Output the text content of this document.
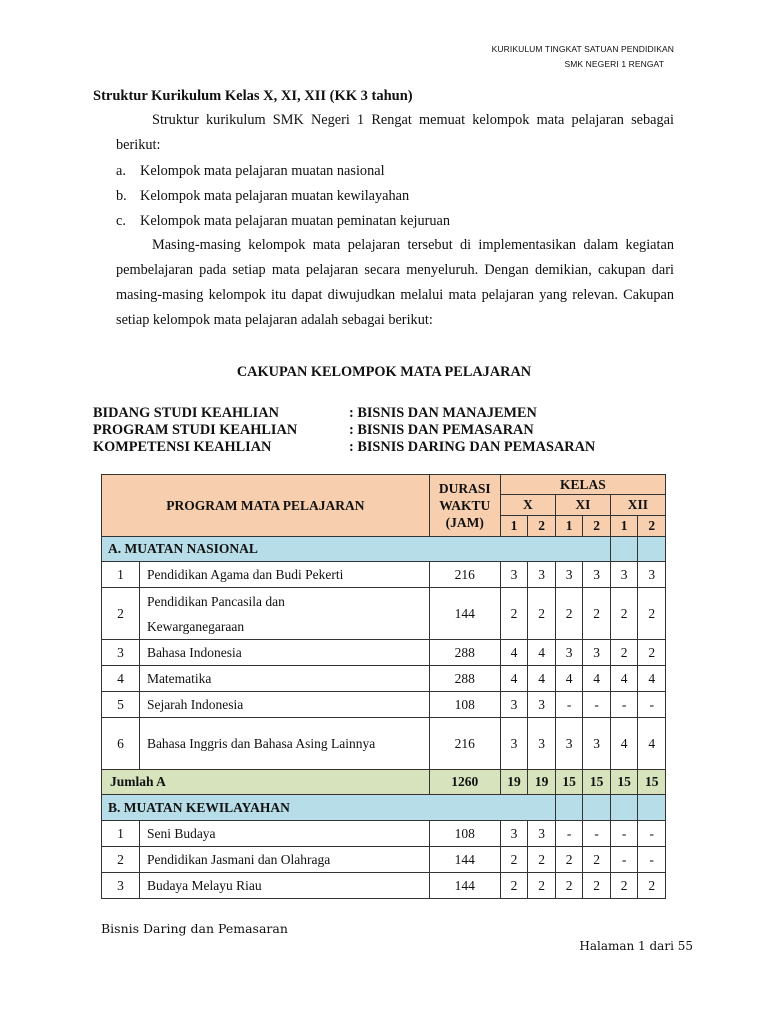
KURIKULUM TINGKAT SATUAN PENDIDIKAN
SMK NEGERI 1 RENGAT
Struktur Kurikulum Kelas X, XI, XII (KK 3 tahun)
Struktur kurikulum SMK Negeri 1 Rengat memuat kelompok mata pelajaran sebagai berikut:
a. Kelompok mata pelajaran muatan nasional
b. Kelompok mata pelajaran muatan kewilayahan
c. Kelompok mata pelajaran muatan peminatan kejuruan
Masing-masing kelompok mata pelajaran tersebut di implementasikan dalam kegiatan pembelajaran pada setiap mata pelajaran secara menyeluruh. Dengan demikian, cakupan dari masing-masing kelompok itu dapat diwujudkan melalui mata pelajaran yang relevan. Cakupan setiap kelompok mata pelajaran adalah sebagai berikut:
CAKUPAN KELOMPOK MATA PELAJARAN
BIDANG STUDI KEAHLIAN	: BISNIS DAN MANAJEMEN
PROGRAM STUDI KEAHLIAN	: BISNIS DAN PEMASARAN
KOMPETENSI KEAHLIAN	: BISNIS DARING DAN PEMASARAN
PROGRAM MATA PELAJARAN		DURASI
WAKTU
(JAM)	KELAS					
			X		XI		XII	
			1	2	1	2	1	2
A. MUATAN NASIONAL								
1	Pendidikan Agama dan Budi Pekerti	216	3	3	3	3	3	3
2	Pendidikan Pancasila dan Kewarganegaraan	144	2	2	2	2	2	2
3	Bahasa Indonesia	288	4	4	3	3	2	2
4	Matematika	288	4	4	4	4	4	4
5	Sejarah Indonesia	108	3	3	-	-	-	-
6	Bahasa Inggris dan Bahasa Asing Lainnya	216	3	3	3	3	4	4
Jumlah A		1260	19	19	15	15	15	15
B. MUATAN KEWILAYAHAN								
1	Seni Budaya	108	3	3	-	-	-	-
2	Pendidikan Jasmani dan Olahraga	144	2	2	2	2	-	-
3	Budaya Melayu Riau	144	2	2	2	2	2	2
Bisnis Daring dan Pemasaran
Halaman 1 dari 55
